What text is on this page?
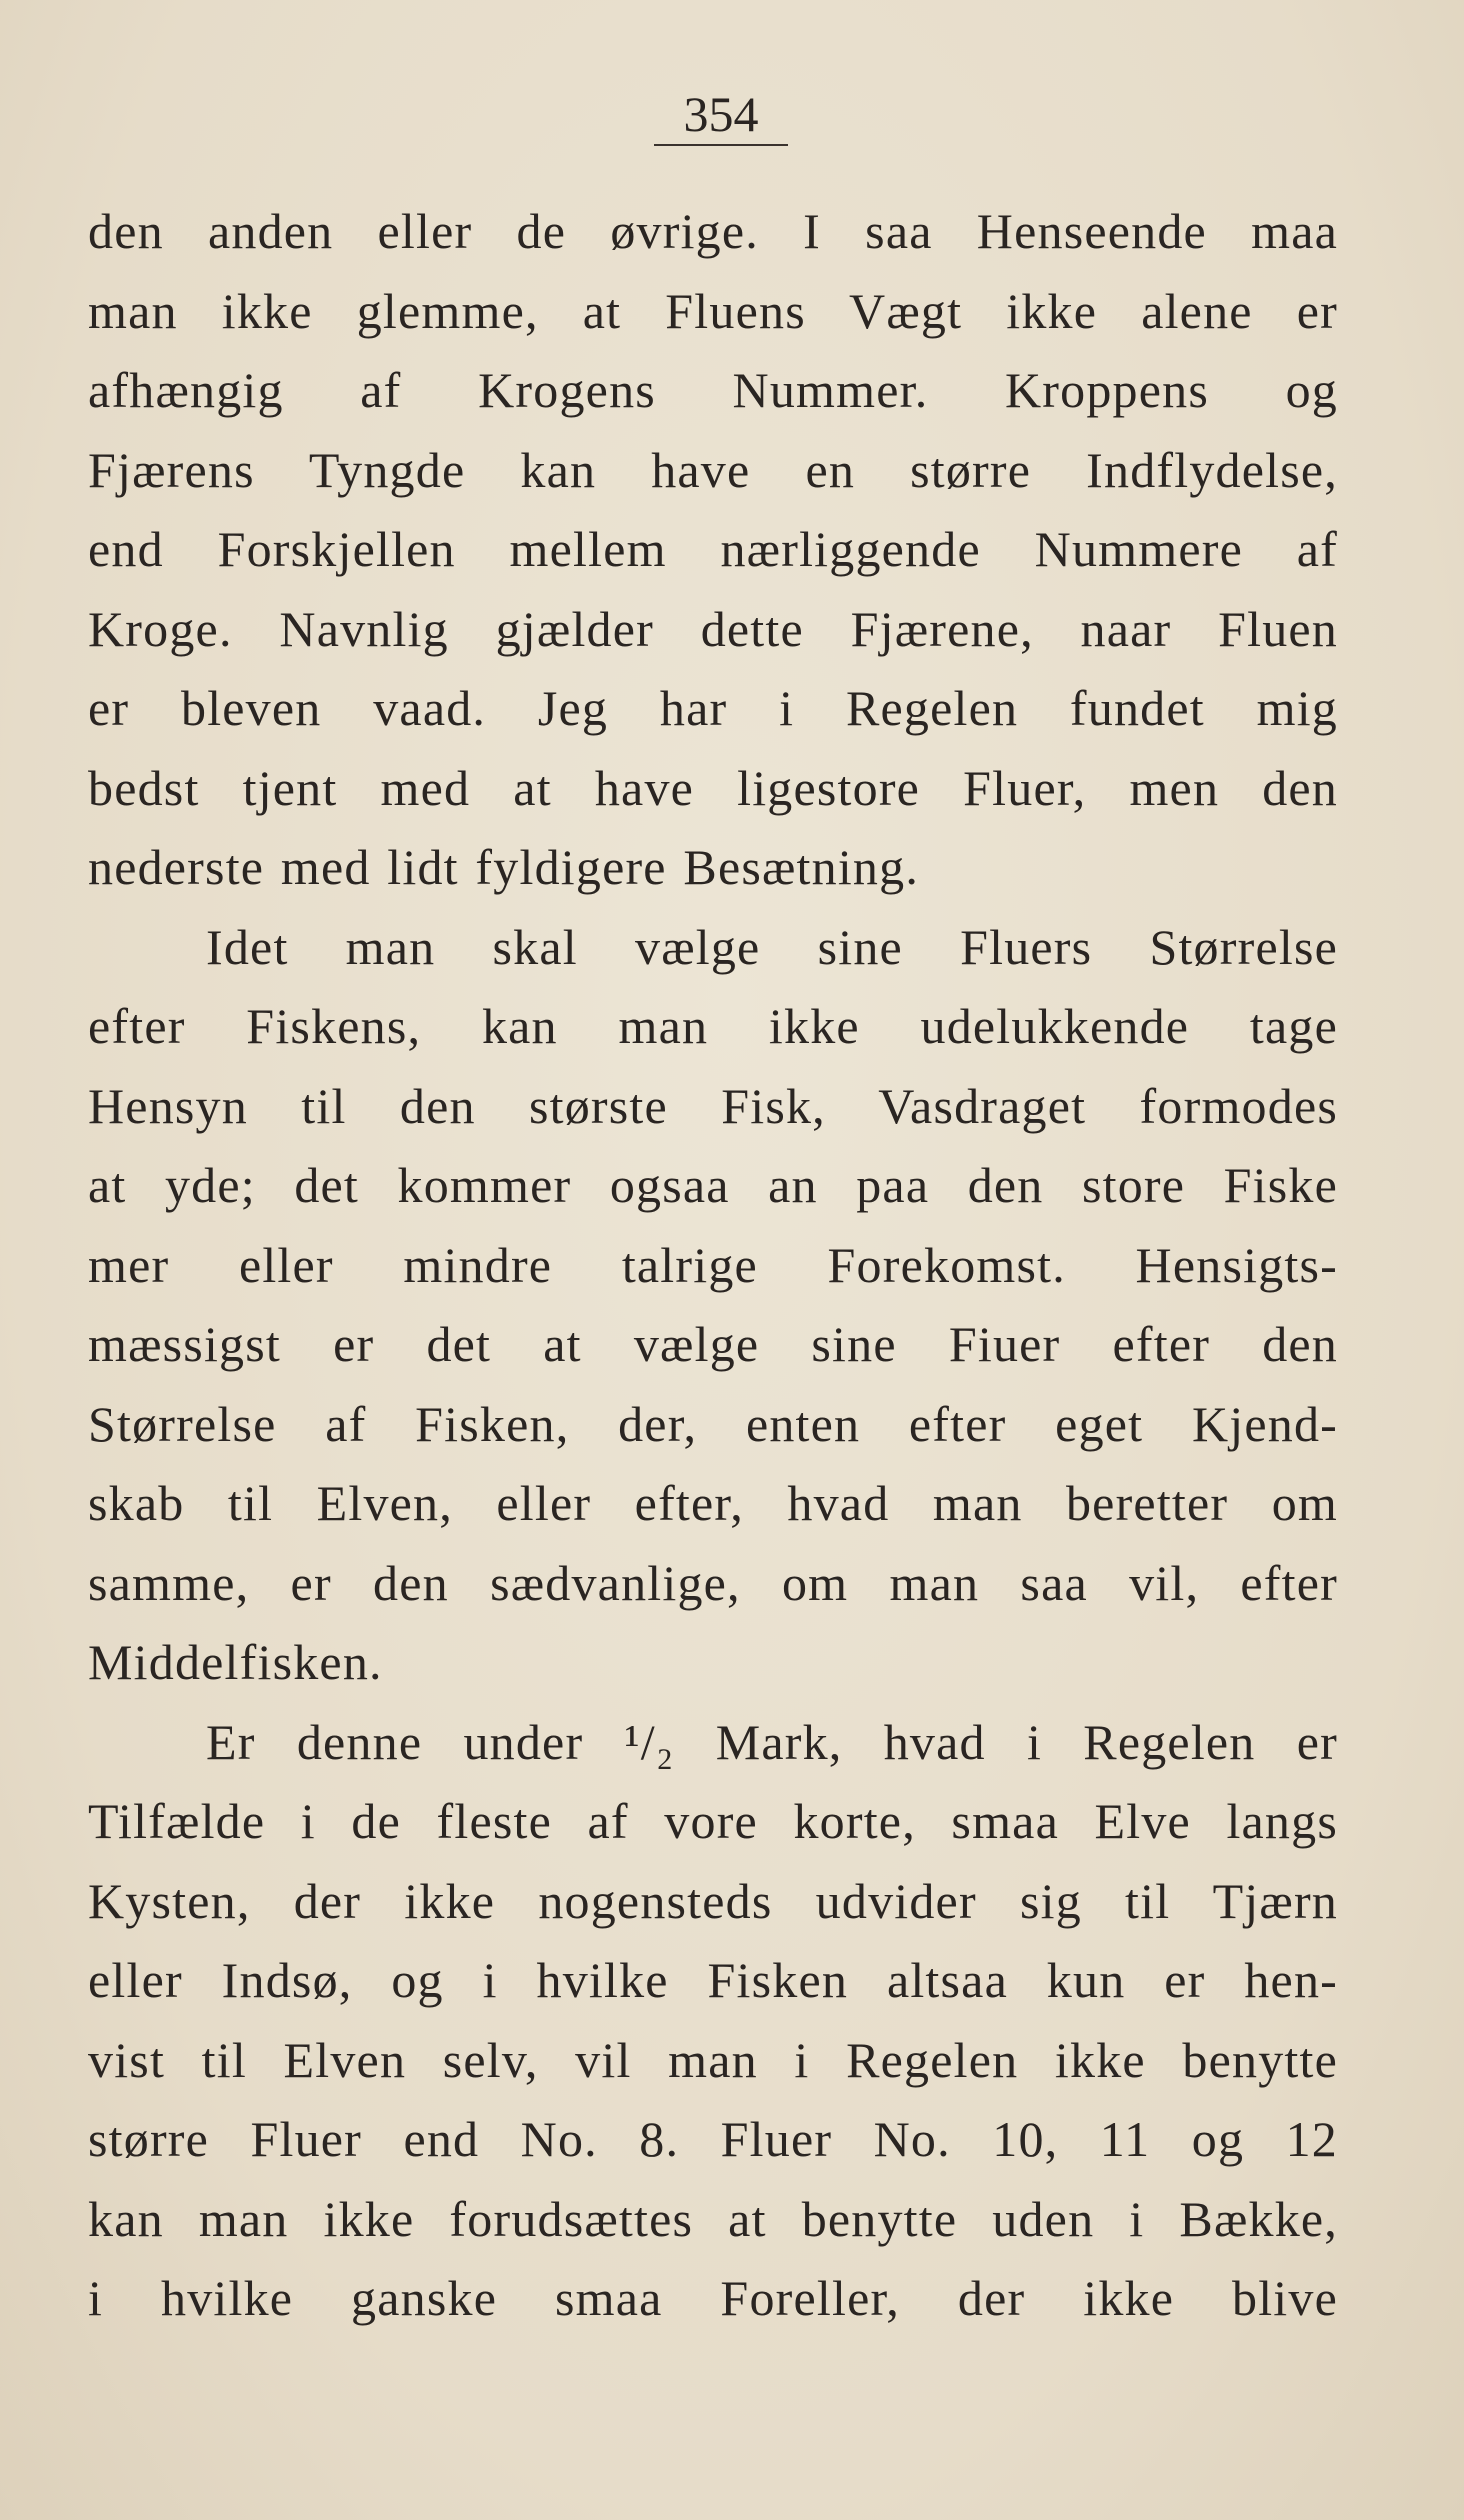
354
den anden eller de øvrige. I saa Henseende maa
man ikke glemme, at Fluens Vægt ikke alene er
afhængig af Krogens Nummer. Kroppens og
Fjærens Tyngde kan have en større Indflydelse,
end Forskjellen mellem nærliggende Nummere af
Kroge. Navnlig gjælder dette Fjærene, naar Fluen
er bleven vaad. Jeg har i Regelen fundet mig
bedst tjent med at have ligestore Fluer, men den
nederste med lidt fyldigere Besætning.
Idet man skal vælge sine Fluers Størrelse
efter Fiskens, kan man ikke udelukkende tage
Hensyn til den største Fisk, Vasdraget formodes
at yde; det kommer ogsaa an paa den store Fiske
mer eller mindre talrige Forekomst. Hensigts-
mæssigst er det at vælge sine Fiuer efter den
Størrelse af Fisken, der, enten efter eget Kjend-
skab til Elven, eller efter, hvad man beretter om
samme, er den sædvanlige, om man saa vil, efter
Middelfisken.
Er denne under ¹/₂ Mark, hvad i Regelen er
Tilfælde i de fleste af vore korte, smaa Elve langs
Kysten, der ikke nogensteds udvider sig til Tjærn
eller Indsø, og i hvilke Fisken altsaa kun er hen-
vist til Elven selv, vil man i Regelen ikke benytte
større Fluer end No. 8. Fluer No. 10, 11 og 12
kan man ikke forudsættes at benytte uden i Bække,
i hvilke ganske smaa Foreller, der ikke blive
